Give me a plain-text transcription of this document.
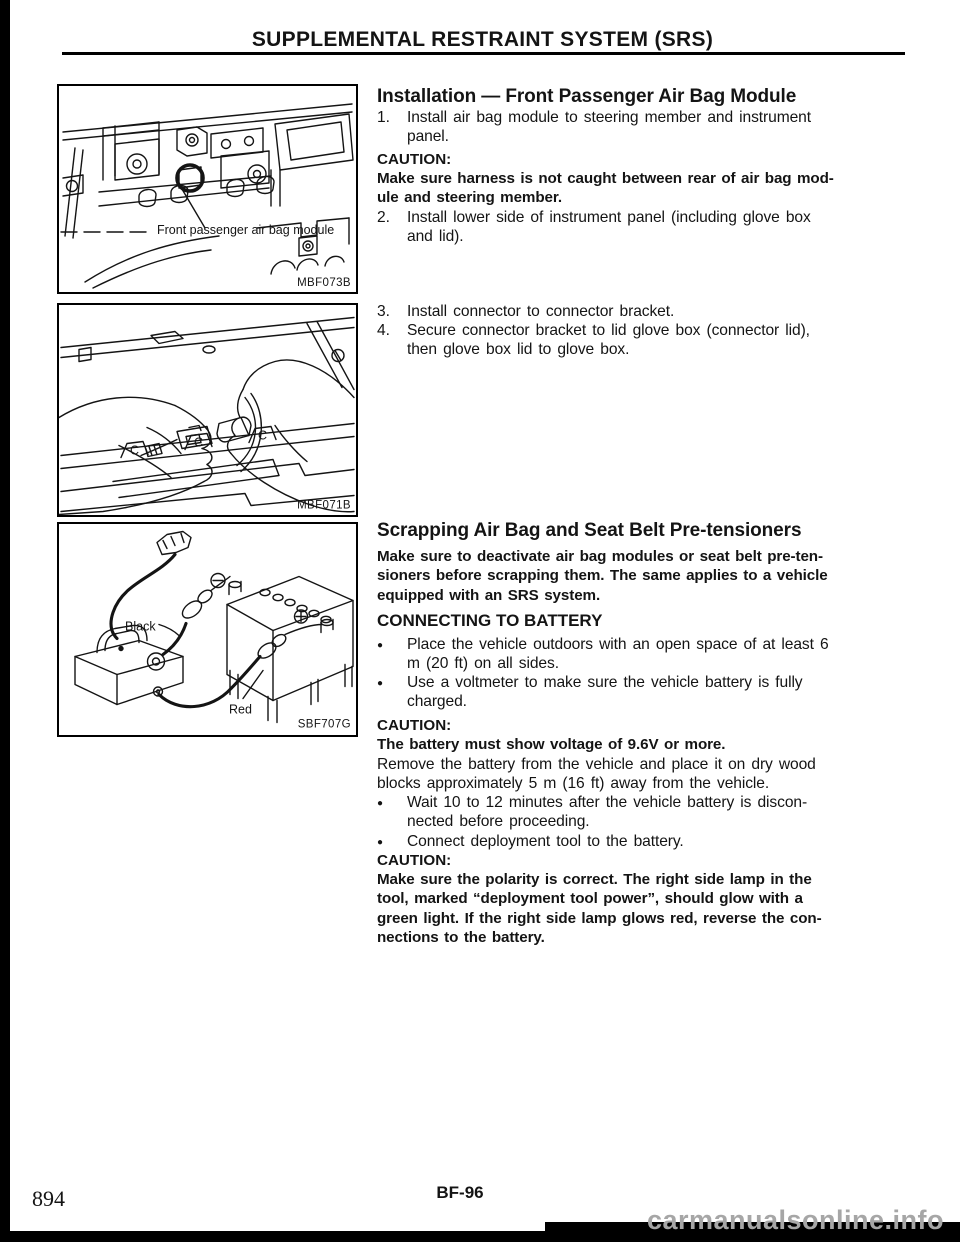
SUPPLEMENTAL RESTRAINT SYSTEM (SRS)
Front passenger air bag module
MBF073B
C
C	C
MBF071B
Black
Red
SBF707G
Installation — Front Passenger Air Bag Module
1.	Install air bag module to steering member and instrument
panel.
CAUTION:
Make sure harness is not caught between rear of air bag mod-
ule and steering member.
2.	Install lower side of instrument panel (including glove box
and lid).
3.	Install connector to connector bracket.
4.	Secure connector bracket to lid glove box (connector lid),
then glove box lid to glove box.
Scrapping Air Bag and Seat Belt Pre-tensioners
Make sure to deactivate air bag modules or seat belt pre-ten-
sioners before scrapping them. The same applies to a vehicle
equipped with an SRS system.
CONNECTING TO BATTERY
●	Place the vehicle outdoors with an open space of at least 6
m (20 ft) on all sides.
●	Use a voltmeter to make sure the vehicle battery is fully
charged.
CAUTION:
The battery must show voltage of 9.6V or more.
Remove the battery from the vehicle and place it on dry wood
blocks approximately 5 m (16 ft) away from the vehicle.
●	Wait 10 to 12 minutes after the vehicle battery is discon-
nected before proceeding.
●	Connect deployment tool to the battery.
CAUTION:
Make sure the polarity is correct. The right side lamp in the
tool, marked “deployment tool power”, should glow with a
green light. If the right side lamp glows red, reverse the con-
nections to the battery.
894	BF-96
carmanualsonline.info
